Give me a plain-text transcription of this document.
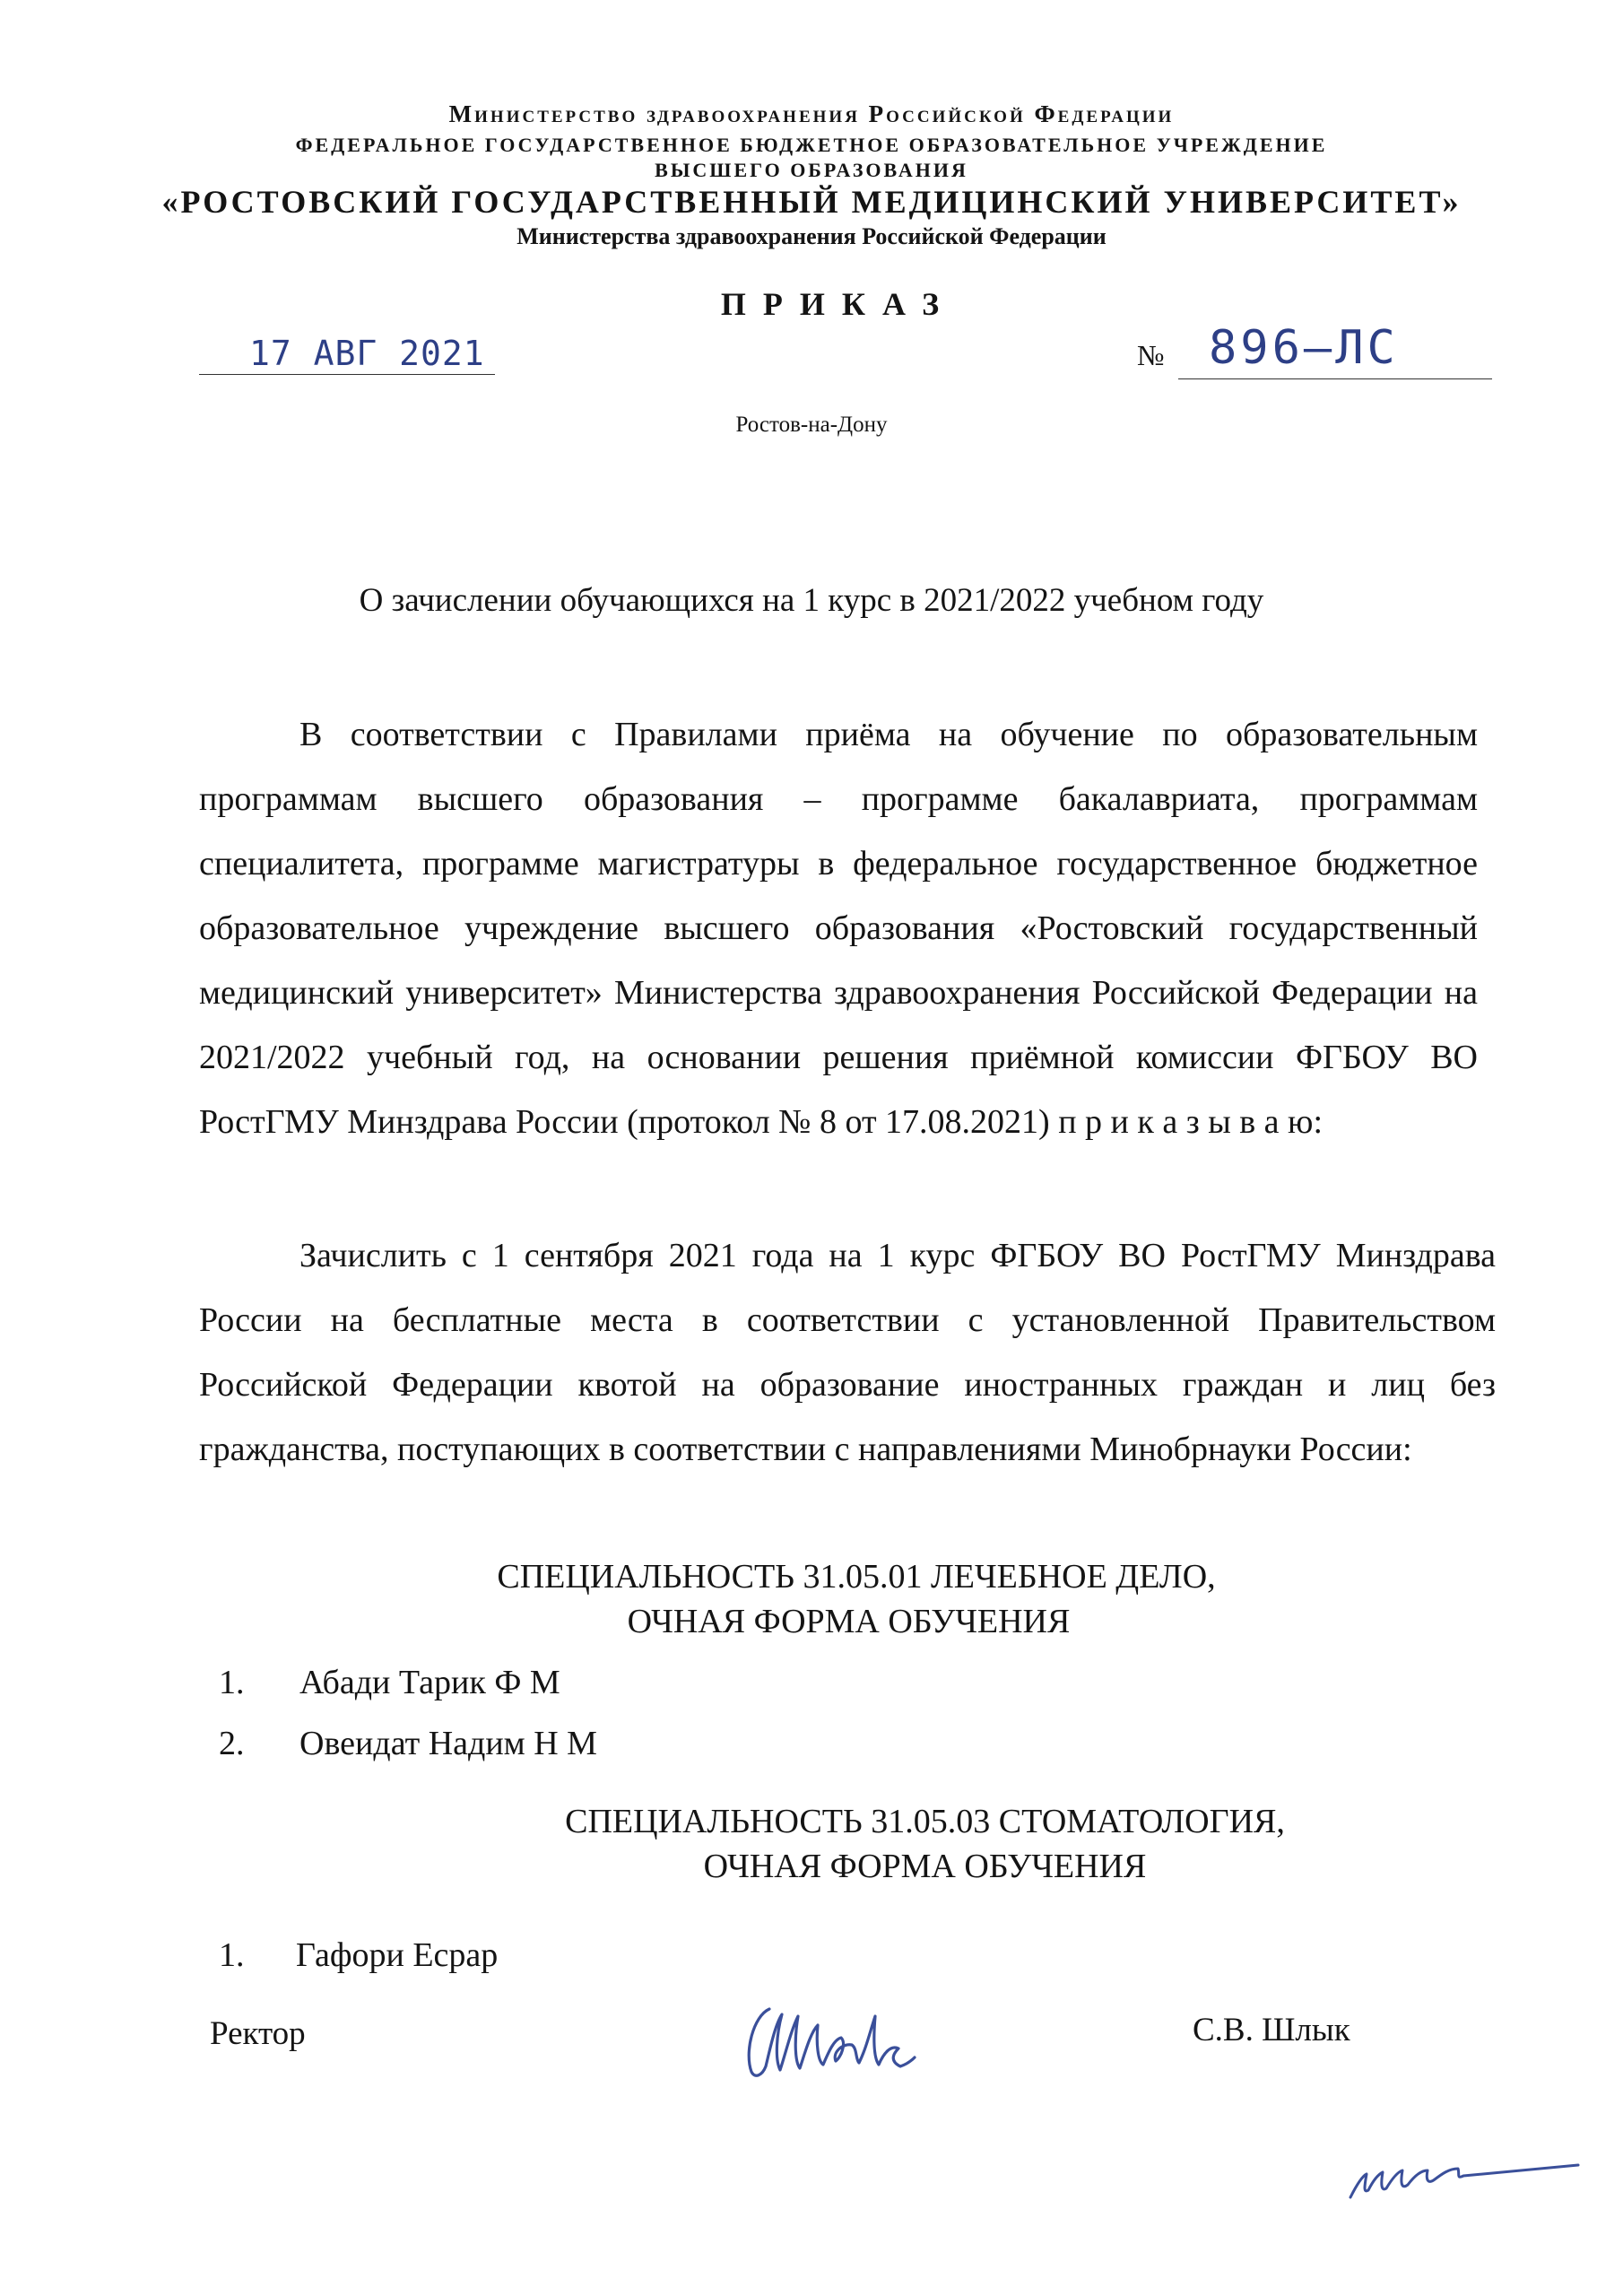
Министерство здравоохранения Российской Федерации
ФЕДЕРАЛЬНОЕ ГОСУДАРСТВЕННОЕ БЮДЖЕТНОЕ ОБРАЗОВАТЕЛЬНОЕ УЧРЕЖДЕНИЕ
ВЫСШЕГО ОБРАЗОВАНИЯ
«РОСТОВСКИЙ ГОСУДАРСТВЕННЫЙ МЕДИЦИНСКИЙ УНИВЕРСИТЕТ»
Министерства здравоохранения Российской Федерации
ПРИКАЗ
17 АВГ 2021	№ 896–ЛС
Ростов-на-Дону
О зачислении обучающихся на 1 курс в 2021/2022 учебном году

В соответствии с Правилами приёма на обучение по образовательным программам высшего образования – программе бакалавриата, программам специалитета, программе магистратуры в федеральное государственное бюджетное образовательное учреждение высшего образования «Ростовский государственный медицинский университет» Министерства здравоохранения Российской Федерации на 2021/2022 учебный год, на основании решения приёмной комиссии ФГБОУ ВО РостГМУ Минздрава России (протокол № 8 от 17.08.2021) п р и к а з ы в а ю:

Зачислить с 1 сентября 2021 года на 1 курс ФГБОУ ВО РостГМУ Минздрава России на бесплатные места в соответствии с установленной Правительством Российской Федерации квотой на образование иностранных граждан и лиц без гражданства, поступающих в соответствии с направлениями Минобрнауки России:

СПЕЦИАЛЬНОСТЬ 31.05.01 ЛЕЧЕБНОЕ ДЕЛО,
ОЧНАЯ ФОРМА ОБУЧЕНИЯ
1. Абади Тарик Ф М
2. Овеидат Надим Н М
СПЕЦИАЛЬНОСТЬ 31.05.03 СТОМАТОЛОГИЯ,
ОЧНАЯ ФОРМА ОБУЧЕНИЯ
1. Гафори Есрар
Ректор	С.В. Шлык
